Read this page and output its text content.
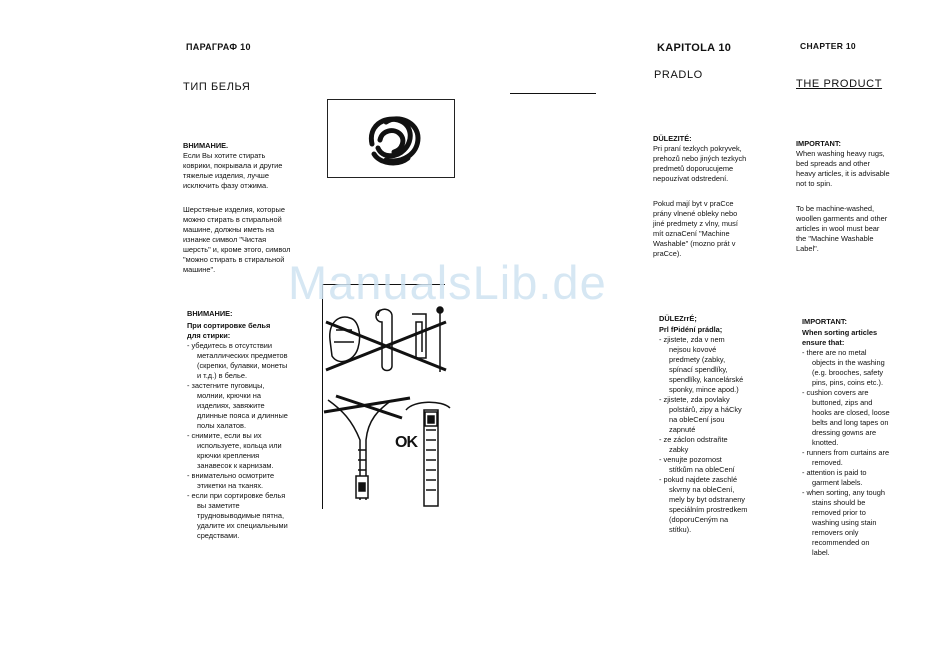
ПАРАГРАФ 10
ТИП БЕЛЬЯ
ВНИМАНИЕ.
Если Вы хотите стирать
коврики, покрывала и другие
тяжелые изделия, лучше
исключить фазу отжима.
Шерстяные изделия, которые
можно стирать в стиральной
машине, должны иметь на
изнанке символ "Чистая
шерсть" и, кроме этого, символ
"можно стирать в стиральной
машине".
ВНИМАНИЕ:
При сортировке белья
для стирки:
- убедитесь в отсутствии
металлических предметов
(скрепки, булавки, монеты
и т.д.) в белье.
- застегните пуговицы,
молнии, крючки на
изделиях, завяжите
длинные пояса и длинные
полы халатов.
- снимите, если вы их
используете, кольца или
крючки крепления
занавесок к карнизам.
- внимательно осмотрите
этикетки на тканях.
- если при сортировке белья
вы заметите
трудновыводимые пятна,
удалите их специальными
средствами.
OK
KAPITOLA 10
PRADLO
DÜLEZITÉ:
Pri praní tezkych pokryvek,
prehozů nebo jiných tezkych
predmetů doporucujeme
nepouzívat odstredení.
Pokud mají byt v praCce
prány vlnené obleky nebo
jiné predmety z vlny, musí
mít oznaCení "Machine
Washable" (mozno prát v
praCce).
DÜLEZrrÉ;
Prl fPidéní prádla;
- zjistete, zda v nem
nejsou kovové
predmety (zabky,
spínací spendlíky,
spendlíky, kancelárské
sponky, mince apod.)
- zjistete, zda povlaky
polstárů, zipy a háCky
na obleCení jsou
zapnuté
- ze záclon odstrañte
zabky
- venujte pozornost
stítkům na obleCení
- pokud najdete zaschlé
skvrny na obleCení,
mely by byt odstraneny
speciálním prostredkem
(doporuCeným na
stítku).
CHAPTER 10
THE PRODUCT
IMPORTANT:
When washing heavy rugs,
bed spreads and other
heavy articles, it is advisable
not to spin.
To be machine-washed,
woollen garments and other
articles in wool must bear
the "Machine Washable
Label".
IMPORTANT:
When sorting articles
ensure that:
- there are no metal
objects in the washing
(e.g. brooches, safety
pins, pins, coins etc.).
- cushion covers are
buttoned, zips and
hooks are closed, loose
belts and long tapes on
dressing gowns are
knotted.
- runners from curtains are
removed.
- attention is paid to
garment labels.
- when sorting, any tough
stains should be
removed prior to
washing using stain
removers only
recommended on
label.
ManualsLib.de
